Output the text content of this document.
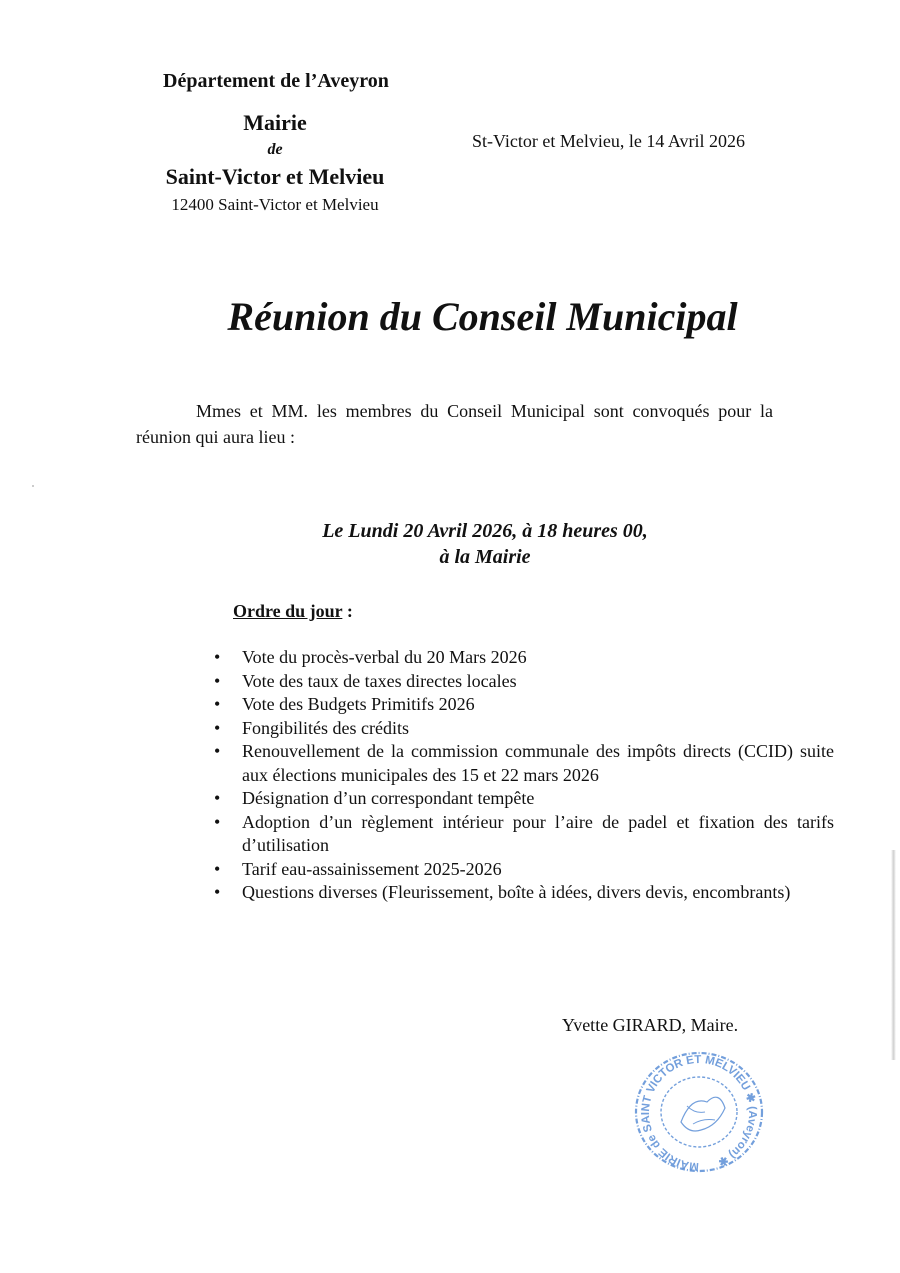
Département de l’Aveyron
Mairie
de
Saint-Victor et Melvieu
12400 Saint-Victor et Melvieu
St-Victor et Melvieu, le 14 Avril 2026
Réunion du Conseil Municipal
Mmes et MM. les membres du Conseil Municipal sont convoqués pour la réunion qui aura lieu :
Le Lundi 20 Avril 2026, à 18 heures 00,
à la Mairie
Ordre du jour :
• Vote du procès-verbal du 20 Mars 2026
• Vote des taux de taxes directes locales
• Vote des Budgets Primitifs 2026
• Fongibilités des crédits
• Renouvellement de la commission communale des impôts directs (CCID) suite aux élections municipales des 15 et 22 mars 2026
• Désignation d’un correspondant tempête
• Adoption d’un règlement intérieur pour l’aire de padel et fixation des tarifs d’utilisation
• Tarif eau-assainissement 2025-2026
• Questions diverses (Fleurissement, boîte à idées, divers devis, encombrants)
Yvette GIRARD, Maire.
MAIRIE de SAINT VICTOR ET MELVIEU ✱ (Aveyron) ✱
